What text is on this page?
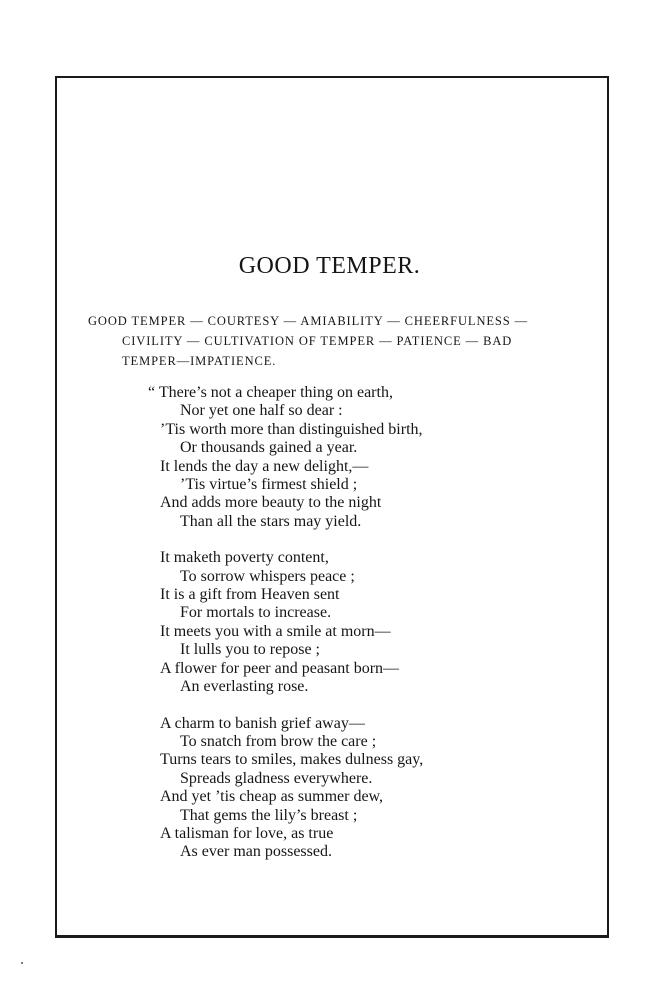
GOOD TEMPER.
GOOD TEMPER — COURTESY — AMIABILITY — CHEERFULNESS —
CIVILITY — CULTIVATION OF TEMPER — PATIENCE — BAD
TEMPER—IMPATIENCE.
“ There’s not a cheaper thing on earth,
Nor yet one half so dear :
’Tis worth more than distinguished birth,
Or thousands gained a year.
It lends the day a new delight,—
’Tis virtue’s firmest shield ;
And adds more beauty to the night
Than all the stars may yield.
It maketh poverty content,
To sorrow whispers peace ;
It is a gift from Heaven sent
For mortals to increase.
It meets you with a smile at morn—
It lulls you to repose ;
A flower for peer and peasant born—
An everlasting rose.
A charm to banish grief away—
To snatch from brow the care ;
Turns tears to smiles, makes dulness gay,
Spreads gladness everywhere.
And yet ’tis cheap as summer dew,
That gems the lily’s breast ;
A talisman for love, as true
As ever man possessed.
